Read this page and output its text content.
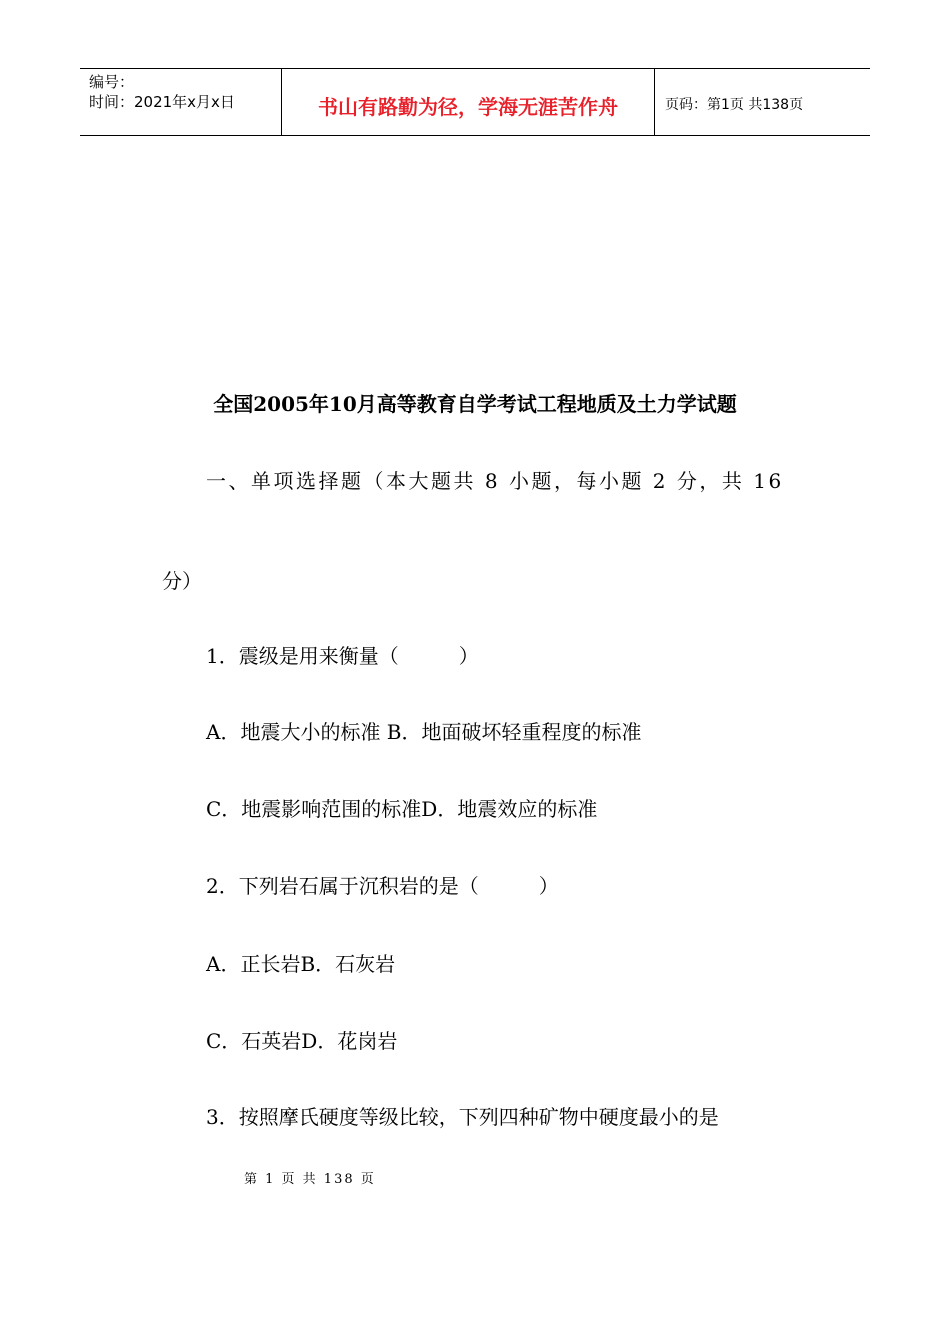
编号：
时间：2021年x月x日	书山有路勤为径，学海无涯苦作舟	页码：第1页 共138页
全国2005年10月高等教育自学考试工程地质及土力学试题
一、单项选择题（本大题共 8 小题，每小题 2 分，共 16
分）
1．震级是用来衡量（　　　）
A．地震大小的标准 B．地面破坏轻重程度的标准
C．地震影响范围的标准D．地震效应的标准
2．下列岩石属于沉积岩的是（　　　）
A．正长岩B．石灰岩
C．石英岩D．花岗岩
3．按照摩氏硬度等级比较，下列四种矿物中硬度最小的是
第 1 页 共 138 页
